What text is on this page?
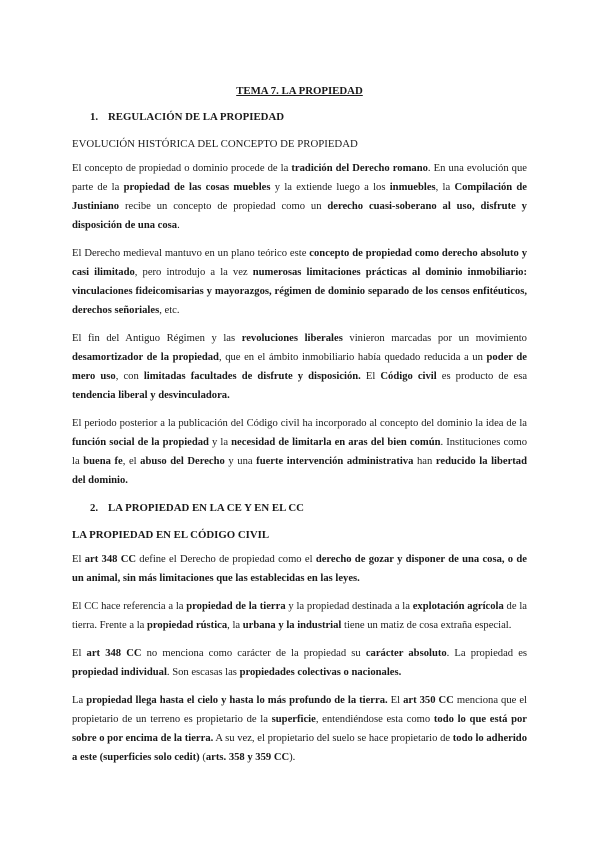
TEMA 7. LA PROPIEDAD
1. REGULACIÓN DE LA PROPIEDAD
EVOLUCIÓN HISTÓRICA DEL CONCEPTO DE PROPIEDAD

El concepto de propiedad o dominio procede de la tradición del Derecho romano. En una evolución que parte de la propiedad de las cosas muebles y la extiende luego a los inmuebles, la Compilación de Justiniano recibe un concepto de propiedad como un derecho cuasi-soberano al uso, disfrute y disposición de una cosa.

El Derecho medieval mantuvo en un plano teórico este concepto de propiedad como derecho absoluto y casi ilimitado, pero introdujo a la vez numerosas limitaciones prácticas al dominio inmobiliario: vinculaciones fideicomisarias y mayorazgos, régimen de dominio separado de los censos enfitéuticos, derechos señoriales, etc.

El fin del Antiguo Régimen y las revoluciones liberales vinieron marcadas por un movimiento desamortizador de la propiedad, que en el ámbito inmobiliario había quedado reducida a un poder de mero uso, con limitadas facultades de disfrute y disposición. El Código civil es producto de esa tendencia liberal y desvinculadora.

El periodo posterior a la publicación del Código civil ha incorporado al concepto del dominio la idea de la función social de la propiedad y la necesidad de limitarla en aras del bien común. Instituciones como la buena fe, el abuso del Derecho y una fuerte intervención administrativa han reducido la libertad del dominio.

2. LA PROPIEDAD EN LA CE Y EN EL CC
LA PROPIEDAD EN EL CÓDIGO CIVIL

El art 348 CC define el Derecho de propiedad como el derecho de gozar y disponer de una cosa, o de un animal, sin más limitaciones que las establecidas en las leyes.

El CC hace referencia a la propiedad de la tierra y la propiedad destinada a la explotación agrícola de la tierra. Frente a la propiedad rústica, la urbana y la industrial tiene un matiz de cosa extraña especial.

El art 348 CC no menciona como carácter de la propiedad su carácter absoluto. La propiedad es propiedad individual. Son escasas las propiedades colectivas o nacionales.

La propiedad llega hasta el cielo y hasta lo más profundo de la tierra. El art 350 CC menciona que el propietario de un terreno es propietario de la superficie, entendiéndose esta como todo lo que está por sobre o por encima de la tierra. A su vez, el propietario del suelo se hace propietario de todo lo adherido a este (superficies solo cedit) (arts. 358 y 359 CC).
